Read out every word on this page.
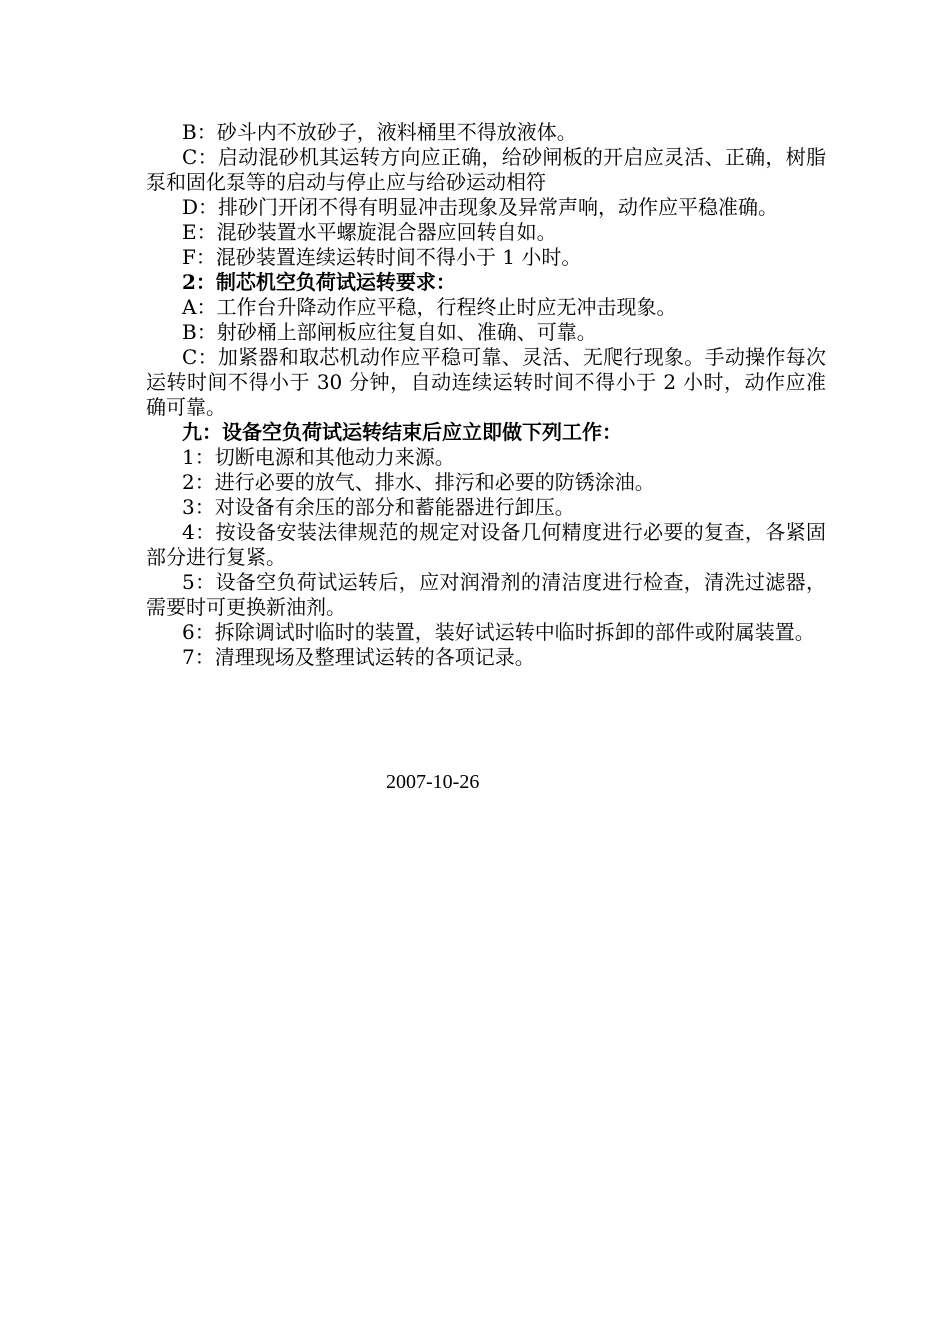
B：砂斗内不放砂子，液料桶里不得放液体。

C：启动混砂机其运转方向应正确，给砂闸板的开启应灵活、正确，树脂泵和固化泵等的启动与停止应与给砂运动相符

D：排砂门开闭不得有明显冲击现象及异常声响，动作应平稳准确。

E：混砂装置水平螺旋混合器应回转自如。

F：混砂装置连续运转时间不得小于 1 小时。

2：制芯机空负荷试运转要求：

A：工作台升降动作应平稳，行程终止时应无冲击现象。

B：射砂桶上部闸板应往复自如、准确、可靠。

C：加紧器和取芯机动作应平稳可靠、灵活、无爬行现象。手动操作每次运转时间不得小于 30 分钟，自动连续运转时间不得小于 2 小时，动作应准确可靠。

九：设备空负荷试运转结束后应立即做下列工作：

1：切断电源和其他动力来源。

2：进行必要的放气、排水、排污和必要的防锈涂油。

3：对设备有余压的部分和蓄能器进行卸压。

4：按设备安装法律规范的规定对设备几何精度进行必要的复查，各紧固部分进行复紧。

5：设备空负荷试运转后，应对润滑剂的清洁度进行检查，清洗过滤器，需要时可更换新油剂。

6：拆除调试时临时的装置，装好试运转中临时拆卸的部件或附属装置。

7：清理现场及整理试运转的各项记录。

2007-10-26
